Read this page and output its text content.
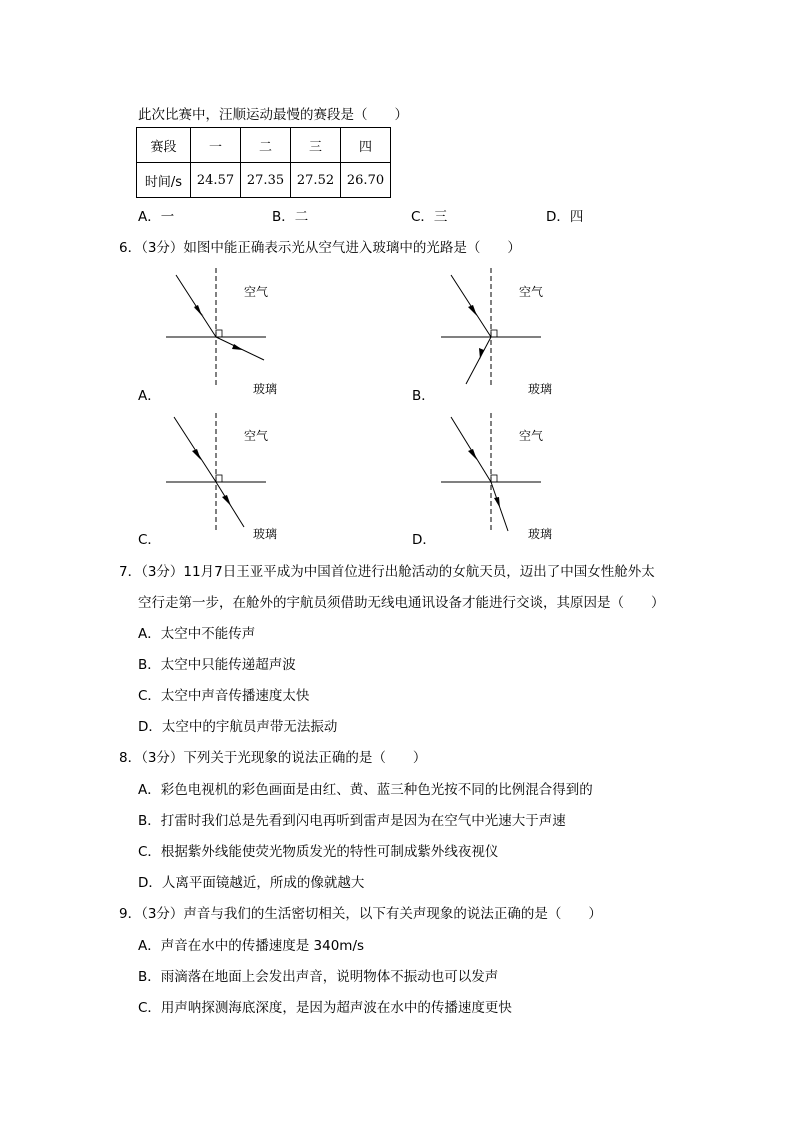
此次比赛中，汪顺运动最慢的赛段是（　　）
赛段	一	二	三	四
时间/s	24.57	27.35	27.52	26.70
A．一	B．二	C．三	D．四
6．（3分）如图中能正确表示光从空气进入玻璃中的光路是（　　）
空气
玻璃
A．
空气
玻璃
B．
空气
玻璃
C．
空气
玻璃
D．
7．（3分）11月7日王亚平成为中国首位进行出舱活动的女航天员，迈出了中国女性舱外太
空行走第一步，在舱外的宇航员须借助无线电通讯设备才能进行交谈，其原因是（　　）
A．太空中不能传声
B．太空中只能传递超声波
C．太空中声音传播速度太快
D．太空中的宇航员声带无法振动
8．（3分）下列关于光现象的说法正确的是（　　）
A．彩色电视机的彩色画面是由红、黄、蓝三种色光按不同的比例混合得到的
B．打雷时我们总是先看到闪电再听到雷声是因为在空气中光速大于声速
C．根据紫外线能使荧光物质发光的特性可制成紫外线夜视仪
D．人离平面镜越近，所成的像就越大
9．（3分）声音与我们的生活密切相关，以下有关声现象的说法正确的是（　　）
A．声音在水中的传播速度是 340m/s
B．雨滴落在地面上会发出声音，说明物体不振动也可以发声
C．用声呐探测海底深度，是因为超声波在水中的传播速度更快
